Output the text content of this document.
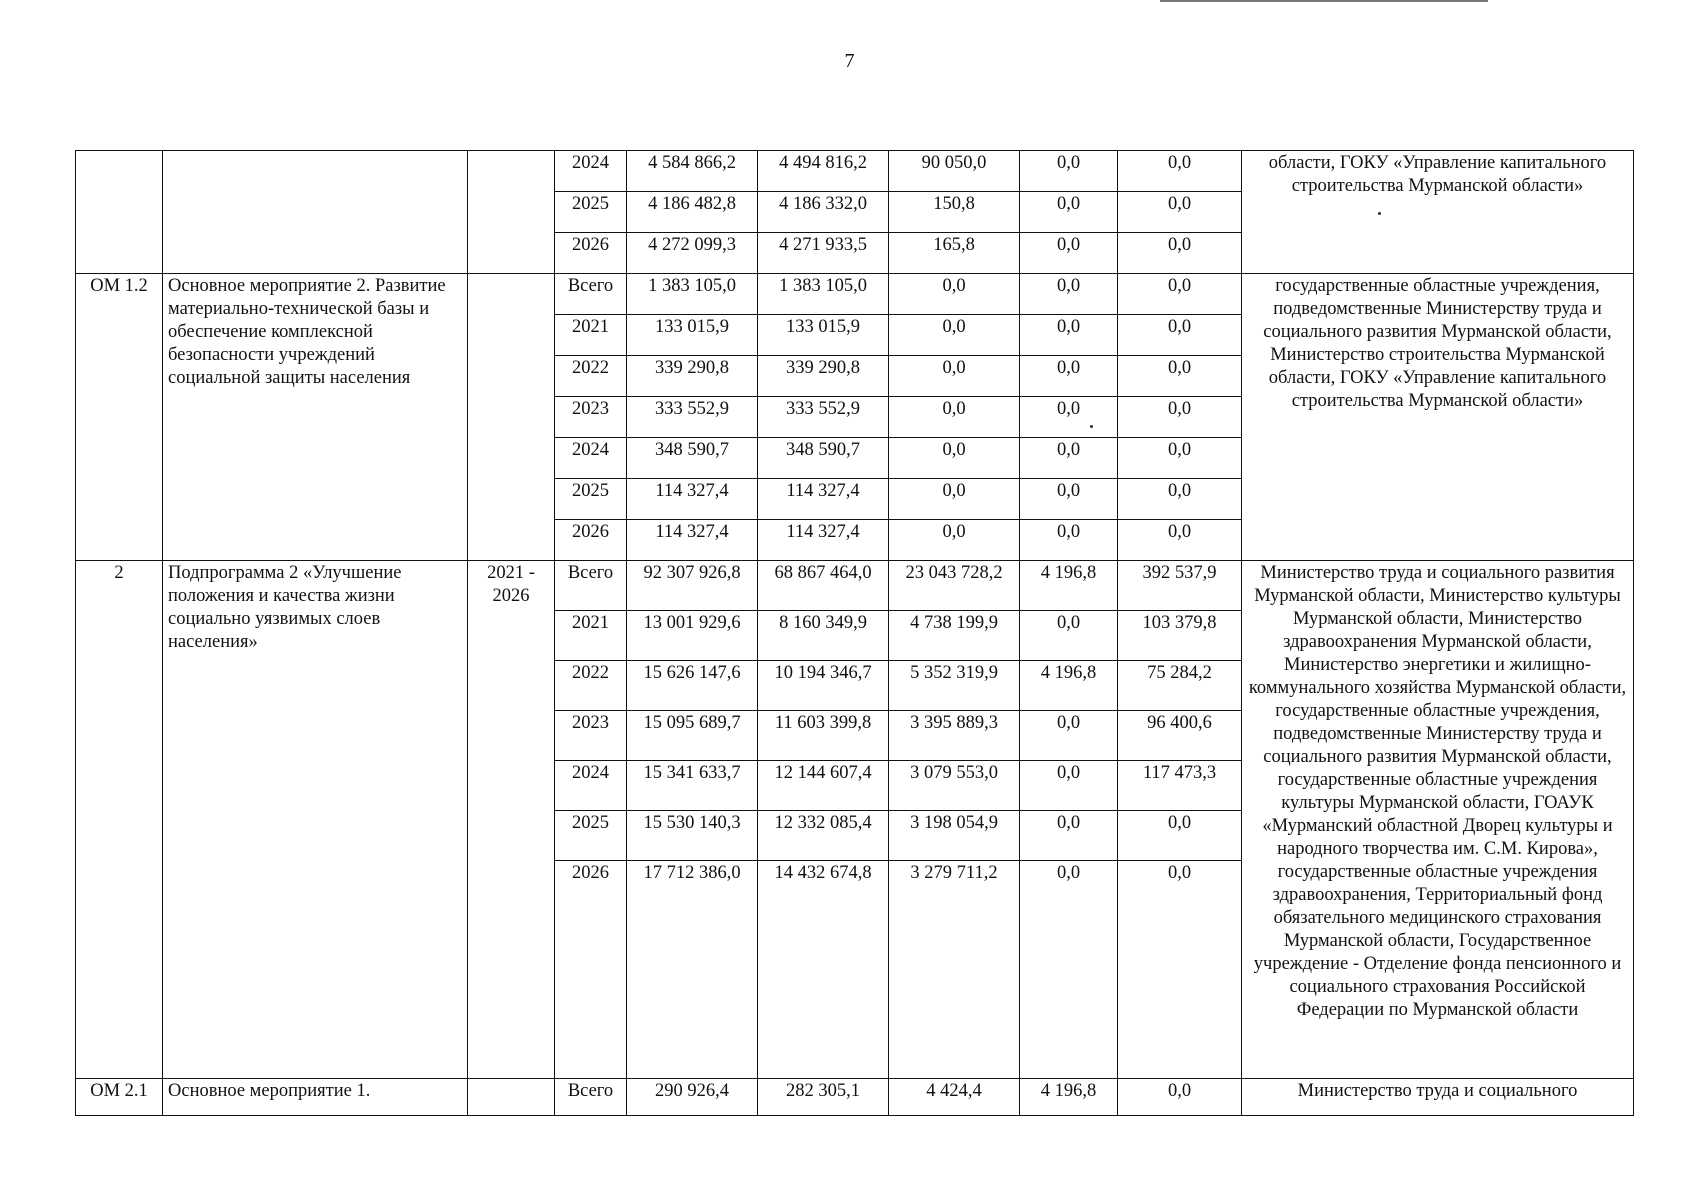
7
			2024	4 584 866,2	4 494 816,2	90 050,0	0,0	0,0	области, ГОКУ «Управление капитального строительства Мурманской области»
			2025	4 186 482,8	4 186 332,0	150,8	0,0	0,0	
			2026	4 272 099,3	4 271 933,5	165,8	0,0	0,0	
ОМ 1.2	Основное мероприятие 2. Развитие материально-технической базы и обеспечение комплексной безопасности учреждений социальной защиты населения		Всего	1 383 105,0	1 383 105,0	0,0	0,0	0,0	государственные областные учреждения, подведомственные Министерству труда и социального развития Мурманской области, Министерство строительства Мурманской области, ГОКУ «Управление капитального строительства Мурманской области»
			2021	133 015,9	133 015,9	0,0	0,0	0,0	
			2022	339 290,8	339 290,8	0,0	0,0	0,0	
			2023	333 552,9	333 552,9	0,0	0,0	0,0	
			2024	348 590,7	348 590,7	0,0	0,0	0,0	
			2025	114 327,4	114 327,4	0,0	0,0	0,0	
			2026	114 327,4	114 327,4	0,0	0,0	0,0	
2	Подпрограмма 2 «Улучшение положения и качества жизни социально уязвимых слоев населения»	2021 - 2026	Всего	92 307 926,8	68 867 464,0	23 043 728,2	4 196,8	392 537,9	Министерство труда и социального развития Мурманской области, Министерство культуры Мурманской области, Министерство здравоохранения Мурманской области, Министерство энергетики и жилищно-коммунального хозяйства Мурманской области, государственные областные учреждения, подведомственные Министерству труда и социального развития Мурманской области, государственные областные учреждения культуры Мурманской области, ГОАУК «Мурманский областной Дворец культуры и народного творчества им. С.М. Кирова», государственные областные учреждения здравоохранения, Территориальный фонд обязательного медицинского страхования Мурманской области, Государственное учреждение - Отделение фонда пенсионного и социального страхования Российской Федерации по Мурманской области
			2021	13 001 929,6	8 160 349,9	4 738 199,9	0,0	103 379,8	
			2022	15 626 147,6	10 194 346,7	5 352 319,9	4 196,8	75 284,2	
			2023	15 095 689,7	11 603 399,8	3 395 889,3	0,0	96 400,6	
			2024	15 341 633,7	12 144 607,4	3 079 553,0	0,0	117 473,3	
			2025	15 530 140,3	12 332 085,4	3 198 054,9	0,0	0,0	
			2026	17 712 386,0	14 432 674,8	3 279 711,2	0,0	0,0	
ОМ 2.1	Основное мероприятие 1.		Всего	290 926,4	282 305,1	4 424,4	4 196,8	0,0	Министерство труда и социального
